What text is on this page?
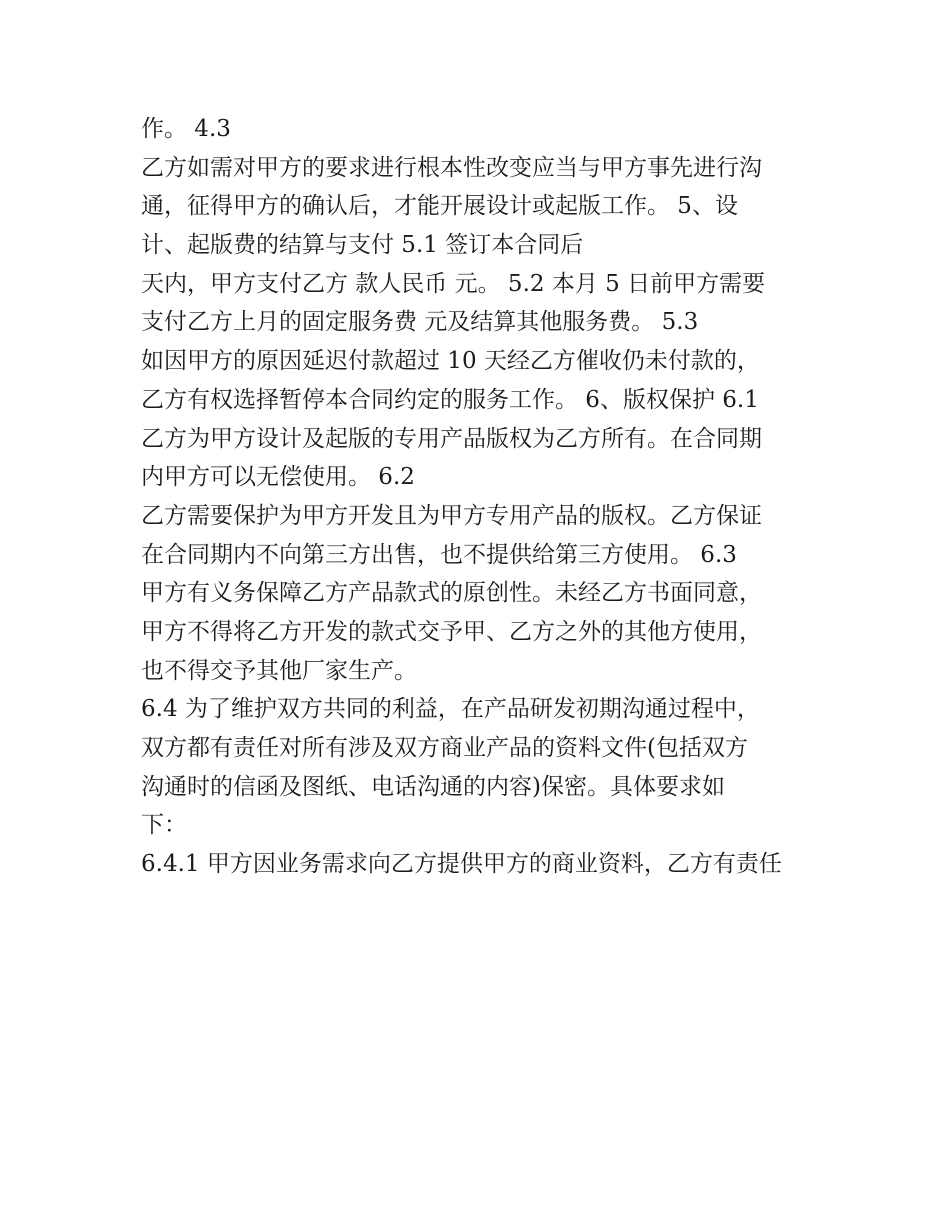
作。 4.3
乙方如需对甲方的要求进行根本性改变应当与甲方事先进行沟
通，征得甲方的确认后，才能开展设计或起版工作。 5、设
计、起版费的结算与支付 5.1 签订本合同后
天内，甲方支付乙方 款人民币 元。 5.2 本月 5 日前甲方需要
支付乙方上月的固定服务费 元及结算其他服务费。 5.3
如因甲方的原因延迟付款超过 10 天经乙方催收仍未付款的，
乙方有权选择暂停本合同约定的服务工作。 6、版权保护 6.1
乙方为甲方设计及起版的专用产品版权为乙方所有。在合同期
内甲方可以无偿使用。 6.2
乙方需要保护为甲方开发且为甲方专用产品的版权。乙方保证
在合同期内不向第三方出售，也不提供给第三方使用。 6.3
甲方有义务保障乙方产品款式的原创性。未经乙方书面同意，
甲方不得将乙方开发的款式交予甲、乙方之外的其他方使用，
也不得交予其他厂家生产。
6.4 为了维护双方共同的利益，在产品研发初期沟通过程中，
双方都有责任对所有涉及双方商业产品的资料文件(包括双方
沟通时的信函及图纸、电话沟通的内容)保密。具体要求如
下：
6.4.1 甲方因业务需求向乙方提供甲方的商业资料，乙方有责任
